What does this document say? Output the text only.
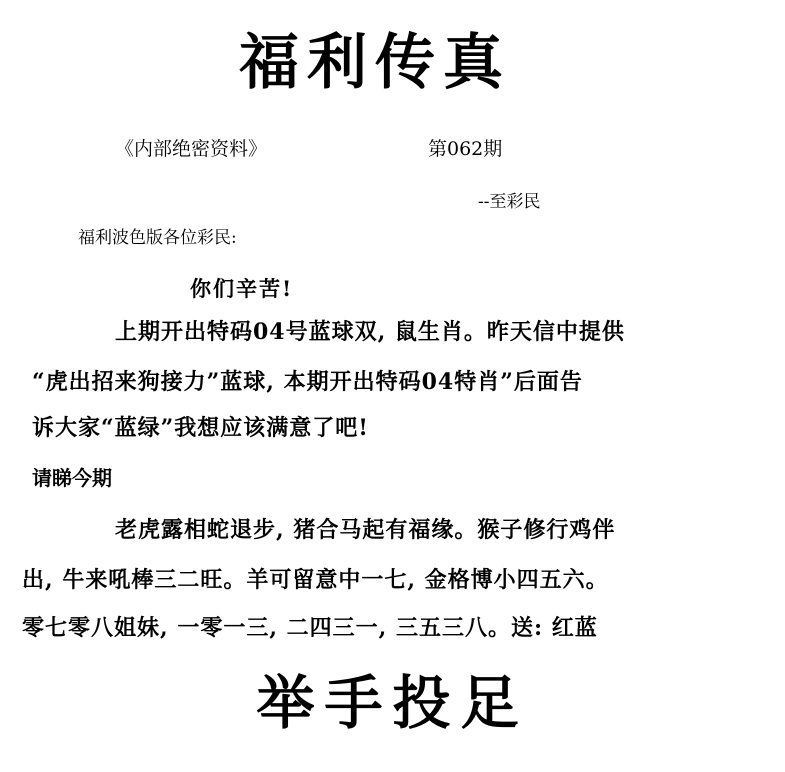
福利传真
《内部绝密资料》	第062期
--至彩民
福利波色版各位彩民:
你们辛苦!
上期开出特码04号蓝球双, 鼠生肖。昨天信中提供
“虎出招来狗接力”蓝球, 本期开出特码04特肖”后面告
诉大家“蓝绿”我想应该满意了吧!
请睇今期
老虎露相蛇退步, 猪合马起有福缘。猴子修行鸡伴
出, 牛来吼棒三二旺。羊可留意中一七, 金格博小四五六。
零七零八姐妹, 一零一三, 二四三一, 三五三八。送: 红蓝
举手投足
